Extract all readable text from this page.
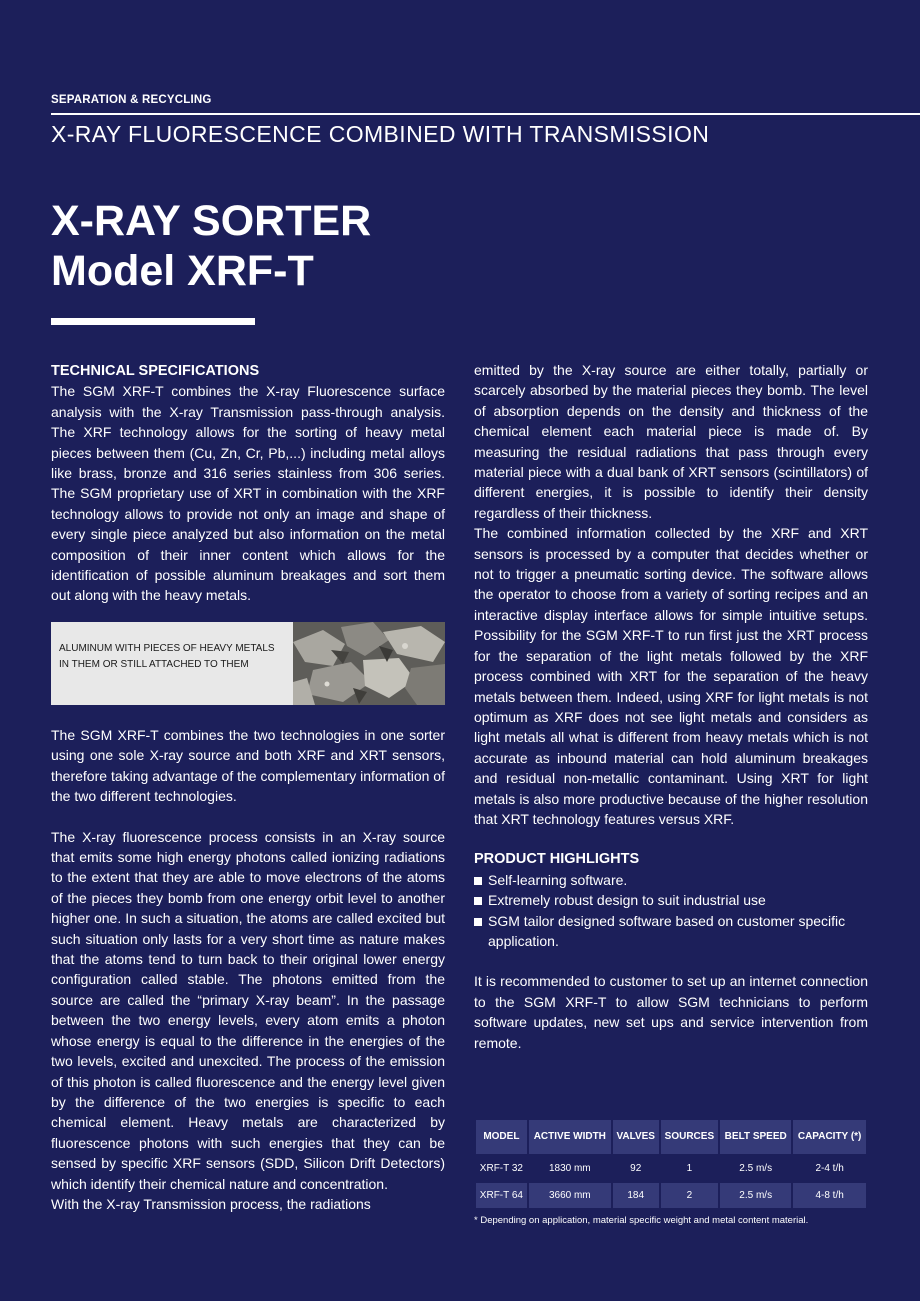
SEPARATION & RECYCLING
X-RAY FLUORESCENCE COMBINED WITH TRANSMISSION
X-RAY SORTER
Model XRF-T
TECHNICAL SPECIFICATIONS

The SGM XRF-T combines the X-ray Fluorescence surface analysis with the X-ray Transmission pass-through analysis. The XRF technology allows for the sorting of heavy metal pieces between them (Cu, Zn, Cr, Pb,...) including metal alloys like brass, bronze and 316 series stainless from 306 series. The SGM proprietary use of XRT in combination with the XRF technology allows to provide not only an image and shape of every single piece analyzed but also information on the metal composition of their inner content which allows for the identification of possible aluminum breakages and sort them out along with the heavy metals.

ALUMINUM WITH PIECES OF HEAVY METALS IN THEM OR STILL ATTACHED TO THEM

The SGM XRF-T combines the two technologies in one sorter using one sole X-ray source and both XRF and XRT sensors, therefore taking advantage of the complementary information of the two different technologies.

The X-ray fluorescence process consists in an X-ray source that emits some high energy photons called ionizing radiations to the extent that they are able to move electrons of the atoms of the pieces they bomb from one energy orbit level to another higher one. In such a situation, the atoms are called excited but such situation only lasts for a very short time as nature makes that the atoms tend to turn back to their original lower energy configuration called stable. The photons emitted from the source are called the “primary X-ray beam”. In the passage between the two energy levels, every atom emits a photon whose energy is equal to the difference in the energies of the two levels, excited and unexcited. The process of the emission of this photon is called fluorescence and the energy level given by the difference of the two energies is specific to each chemical element. Heavy metals are characterized by fluorescence photons with such energies that they can be sensed by specific XRF sensors (SDD, Silicon Drift Detectors) which identify their chemical nature and concentration.

With the X-ray Transmission process, the radiations

emitted by the X-ray source are either totally, partially or scarcely absorbed by the material pieces they bomb. The level of absorption depends on the density and thickness of the chemical element each material piece is made of. By measuring the residual radiations that pass through every material piece with a dual bank of XRT sensors (scintillators) of different energies, it is possible to identify their density regardless of their thickness.

The combined information collected by the XRF and XRT sensors is processed by a computer that decides whether or not to trigger a pneumatic sorting device. The software allows the operator to choose from a variety of sorting recipes and an interactive display interface allows for simple intuitive setups. Possibility for the SGM XRF-T to run first just the XRT process for the separation of the light metals followed by the XRF process combined with XRT for the separation of the heavy metals between them. Indeed, using XRF for light metals is not optimum as XRF does not see light metals and considers as light metals all what is different from heavy metals which is not accurate as inbound material can hold aluminum breakages and residual non-metallic contaminant. Using XRT for light metals is also more productive because of the higher resolution that XRT technology features versus XRF.

PRODUCT HIGHLIGHTS
Self-learning software.
Extremely robust design to suit industrial use
SGM tailor designed software based on customer specific application.

It is recommended to customer to set up an internet connection to the SGM XRF-T to allow SGM technicians to perform software updates, new set ups and service intervention from remote.

MODEL	ACTIVE WIDTH	VALVES	SOURCES	BELT SPEED	CAPACITY (*)
XRF-T 32	1830 mm	92	1	2.5 m/s	2-4 t/h
XRF-T 64	3660 mm	184	2	2.5 m/s	4-8 t/h
* Depending on application, material specific weight and metal content material.
